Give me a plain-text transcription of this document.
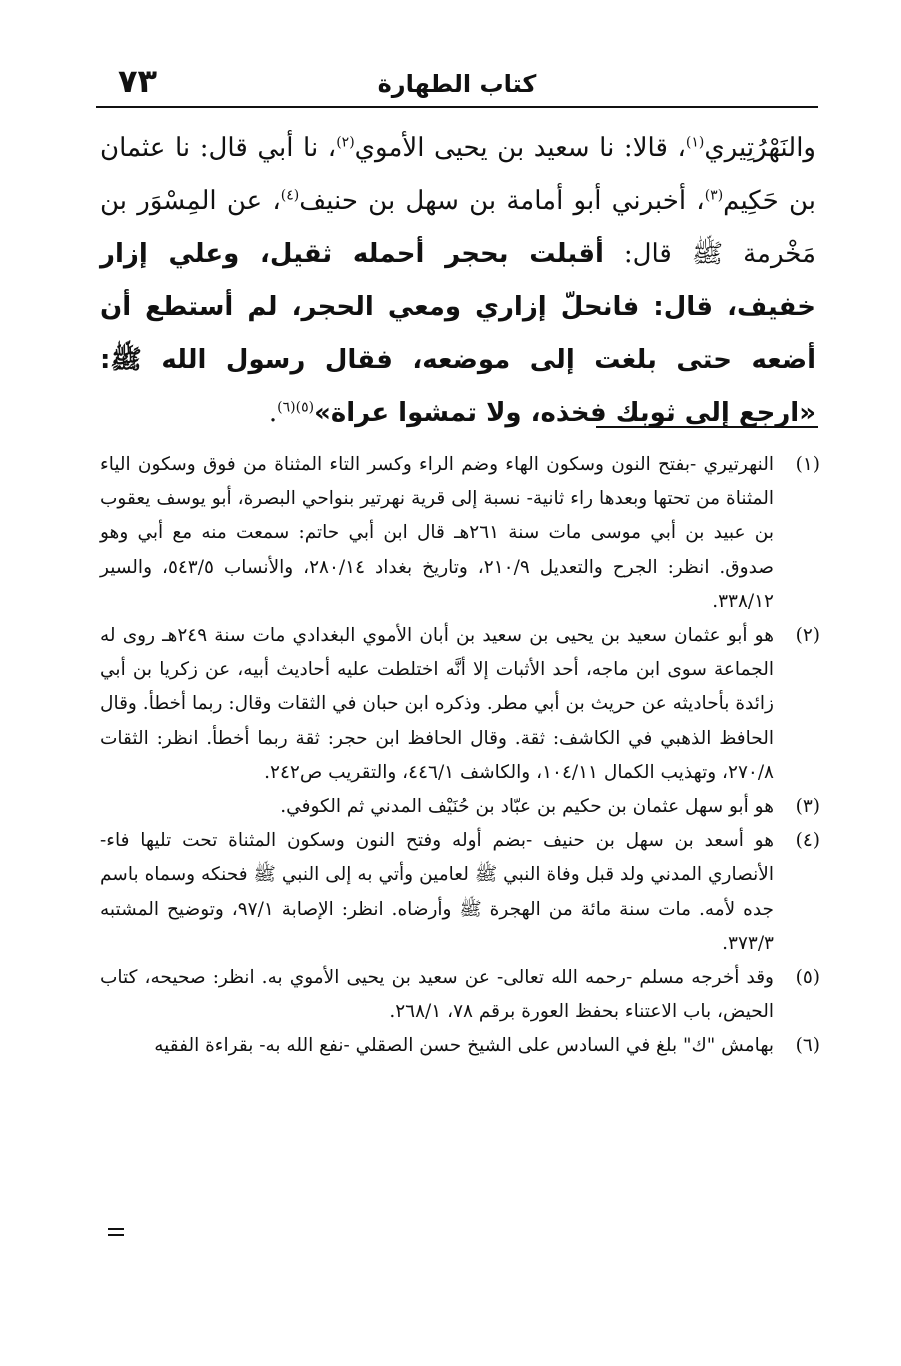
كتاب الطهارة
٧٣

والنَهْرُتِيري$^{(١)}$، قالا: نا سعيد بن يحيى الأموي$^{(٢)}$، نا أبي قال: نا عثمان بن حَكِيم$^{(٣)}$، أخبرني أبو أمامة بن سهل بن حنيف$^{(٤)}$، عن المِسْوَر بن مَخْرمة ﷺ قال: أقبلت بحجر أحمله ثقيل، وعلي إزار خفيف، قال: فانحلّ إزاري ومعي الحجر، لم أستطع أن أضعه حتى بلغت إلى موضعه، فقال رسول الله ﷺ: «ارجع إلى ثوبك فخذه، ولا تمشوا عراة»$^{(٥)(٦)}$.

(١)
النهرتيري -بفتح النون وسكون الهاء وضم الراء وكسر التاء المثناة من فوق وسكون الياء المثناة من تحتها وبعدها راء ثانية- نسبة إلى قرية نهرتير بنواحي البصرة، أبو يوسف يعقوب بن عبيد بن أبي موسى مات سنة ٢٦١هـ قال ابن أبي حاتم: سمعت منه مع أبي وهو صدوق. انظر: الجرح والتعديل ٢١٠/٩، وتاريخ بغداد ٢٨٠/١٤، والأنساب ٥٤٣/٥، والسير ٣٣٨/١٢.
(٢)
هو أبو عثمان سعيد بن يحيى بن سعيد بن أبان الأموي البغدادي مات سنة ٢٤٩هـ روى له الجماعة سوى ابن ماجه، أحد الأثبات إلا أنَّه اختلطت عليه أحاديث أبيه، عن زكريا بن أبي زائدة بأحاديثه عن حريث بن أبي مطر. وذكره ابن حبان في الثقات وقال: ربما أخطأ. وقال الحافظ الذهبي في الكاشف: ثقة. وقال الحافظ ابن حجر: ثقة ربما أخطأ. انظر: الثقات ٢٧٠/٨، وتهذيب الكمال ١٠٤/١١، والكاشف ٤٤٦/١، والتقريب ص٢٤٢.
(٣)
هو أبو سهل عثمان بن حكيم بن عبّاد بن حُنَيْف المدني ثم الكوفي.
(٤)
هو أسعد بن سهل بن حنيف -بضم أوله وفتح النون وسكون المثناة تحت تليها فاء- الأنصاري المدني ولد قبل وفاة النبي ﷺ لعامين وأتي به إلى النبي ﷺ فحنكه وسماه باسم جده لأمه. مات سنة مائة من الهجرة ﷺ وأرضاه. انظر: الإصابة ٩٧/١، وتوضيح المشتبه ٣٧٣/٣.
(٥)
وقد أخرجه مسلم -رحمه الله تعالى- عن سعيد بن يحيى الأموي به. انظر: صحيحه، كتاب الحيض، باب الاعتناء بحفظ العورة برقم ٧٨، ٢٦٨/١.
(٦)
بهامش "ك" بلغ في السادس على الشيخ حسن الصقلي -نفع الله به- بقراءة الفقيه
